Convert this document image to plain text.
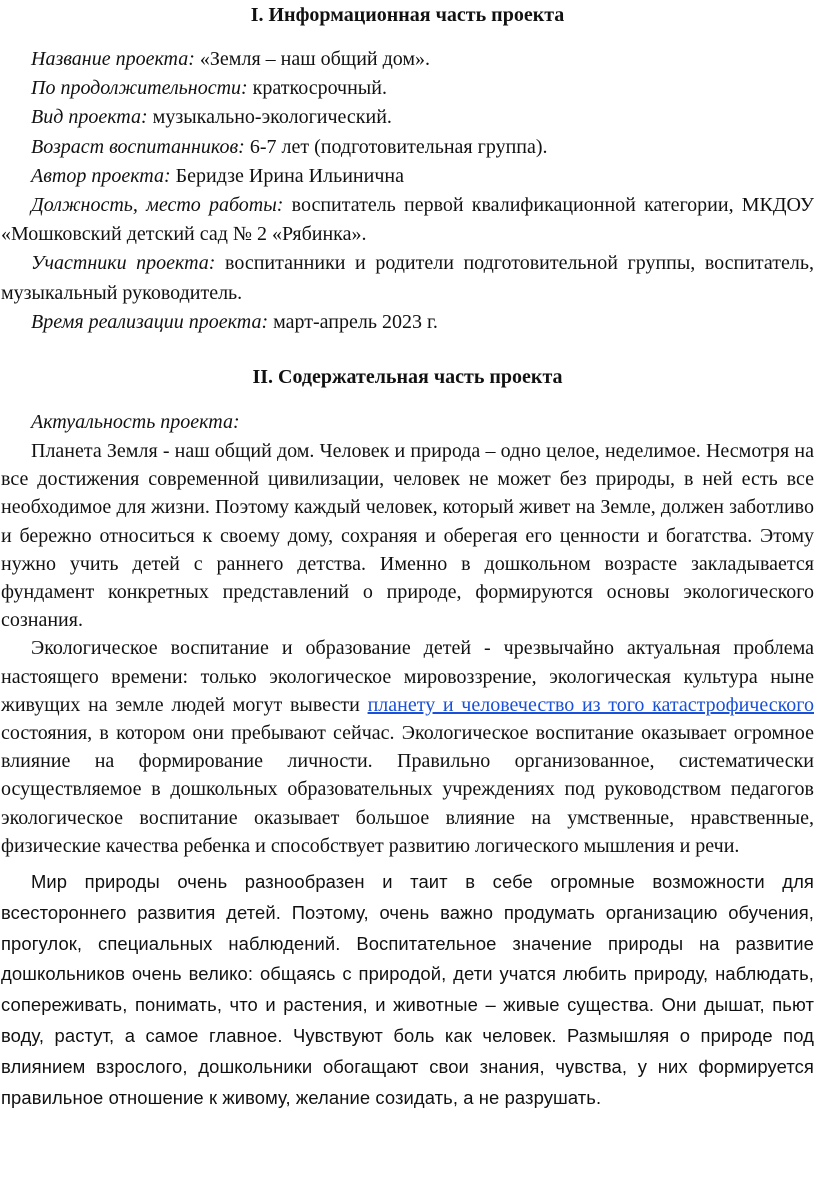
I. Информационная часть проекта

Название проекта: «Земля – наш общий дом».

По продолжительности: краткосрочный.

Вид проекта: музыкально-экологический.

Возраст воспитанников: 6-7 лет (подготовительная группа).

Автор проекта: Беридзе Ирина Ильинична

Должность, место работы: воспитатель первой квалификационной категории, МКДОУ «Мошковский детский сад № 2 «Рябинка».

Участники проекта: воспитанники и родители подготовительной группы, воспитатель, музыкальный руководитель.

Время реализации проекта: март-апрель 2023 г.

II. Содержательная часть проекта

Актуальность проекта:

Планета Земля - наш общий дом. Человек и природа – одно целое, неделимое. Несмотря на все достижения современной цивилизации, человек не может без природы, в ней есть все необходимое для жизни. Поэтому каждый человек, который живет на Земле, должен заботливо и бережно относиться к своему дому, сохраняя и оберегая его ценности и богатства. Этому нужно учить детей с раннего детства. Именно в дошкольном возрасте закладывается фундамент конкретных представлений о природе, формируются основы экологического сознания.

Экологическое воспитание и образование детей - чрезвычайно актуальная проблема настоящего времени: только экологическое мировоззрение, экологическая культура ныне живущих на земле людей могут вывести планету и человечество из того катастрофического состояния, в котором они пребывают сейчас. Экологическое воспитание оказывает огромное влияние на формирование личности. Правильно организованное, систематически осуществляемое в дошкольных образовательных учреждениях под руководством педагогов экологическое воспитание оказывает большое влияние на умственные, нравственные, физические качества ребенка и способствует развитию логического мышления и речи.

Мир природы очень разнообразен и таит в себе огромные возможности для всестороннего развития детей. Поэтому, очень важно продумать организацию обучения, прогулок, специальных наблюдений. Воспитательное значение природы на развитие дошкольников очень велико: общаясь с природой, дети учатся любить природу, наблюдать, сопереживать, понимать, что и растения, и животные – живые существа. Они дышат, пьют воду, растут, а самое главное. Чувствуют боль как человек. Размышляя о природе под влиянием взрослого, дошкольники обогащают свои знания, чувства, у них формируется правильное отношение к живому, желание созидать, а не разрушать.
